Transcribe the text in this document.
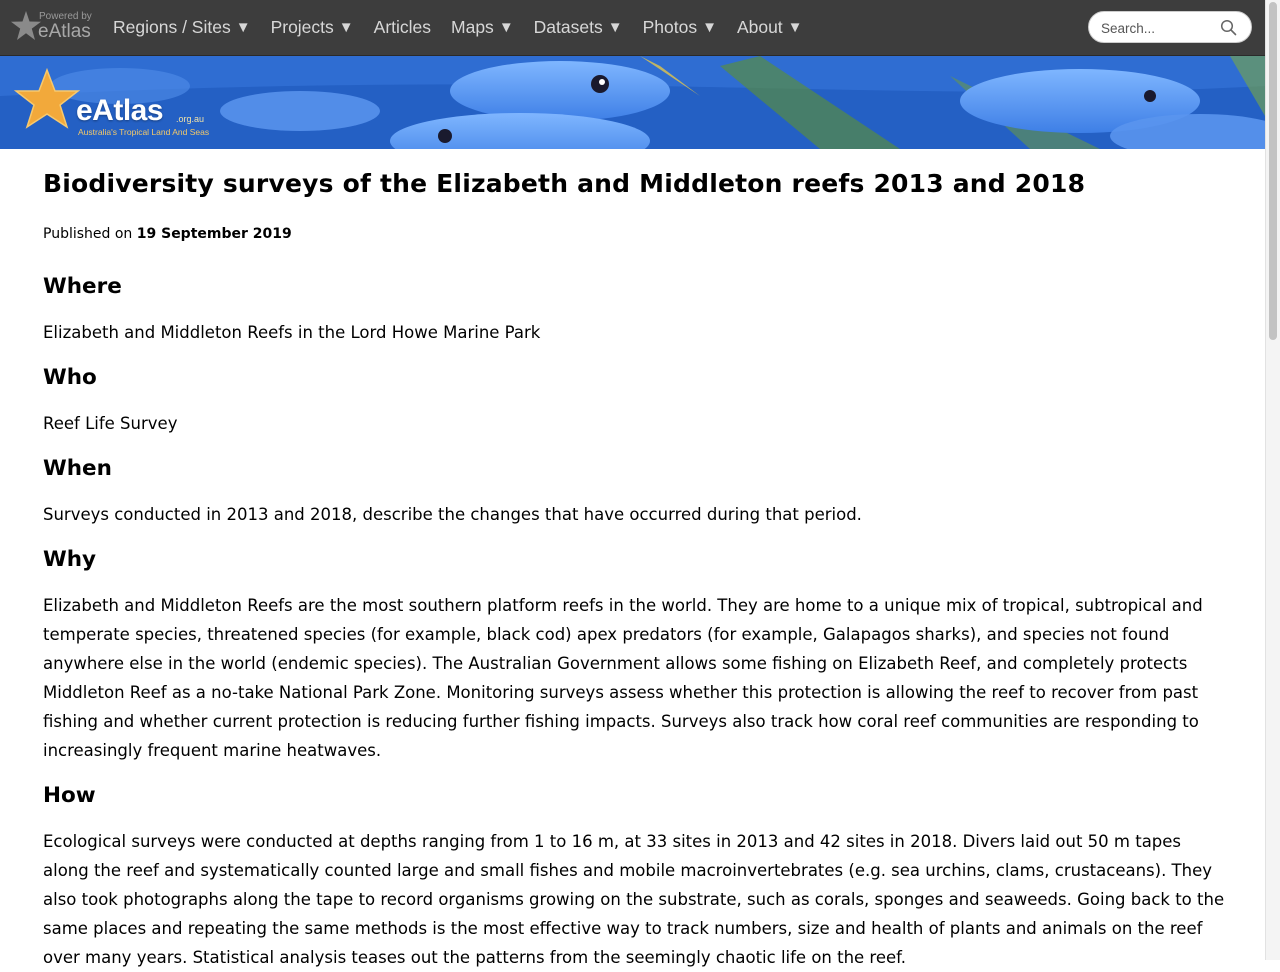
Powered by
eAtlas Regions / Sites ▼ Projects ▼ Articles Maps ▼ Datasets ▼ Photos ▼ About ▼
Search...
eAtlas .org.au
Australia's Tropical Land And Seas
Biodiversity surveys of the Elizabeth and Middleton reefs 2013 and 2018
Published on 19 September 2019
Where

Elizabeth and Middleton Reefs in the Lord Howe Marine Park

Who

Reef Life Survey

When

Surveys conducted in 2013 and 2018, describe the changes that have occurred during that period.

Why

Elizabeth and Middleton Reefs are the most southern platform reefs in the world. They are home to a unique mix of tropical, subtropical and temperate species, threatened species (for example, black cod) apex predators (for example, Galapagos sharks), and species not found anywhere else in the world (endemic species). The Australian Government allows some fishing on Elizabeth Reef, and completely protects Middleton Reef as a no-take National Park Zone. Monitoring surveys assess whether this protection is allowing the reef to recover from past fishing and whether current protection is reducing further fishing impacts. Surveys also track how coral reef communities are responding to increasingly frequent marine heatwaves.

How

Ecological surveys were conducted at depths ranging from 1 to 16 m, at 33 sites in 2013 and 42 sites in 2018. Divers laid out 50 m tapes along the reef and systematically counted large and small fishes and mobile macroinvertebrates (e.g. sea urchins, clams, crustaceans). They also took photographs along the tape to record organisms growing on the substrate, such as corals, sponges and seaweeds. Going back to the same places and repeating the same methods is the most effective way to track numbers, size and health of plants and animals on the reef over many years. Statistical analysis teases out the patterns from the seemingly chaotic life on the reef.
